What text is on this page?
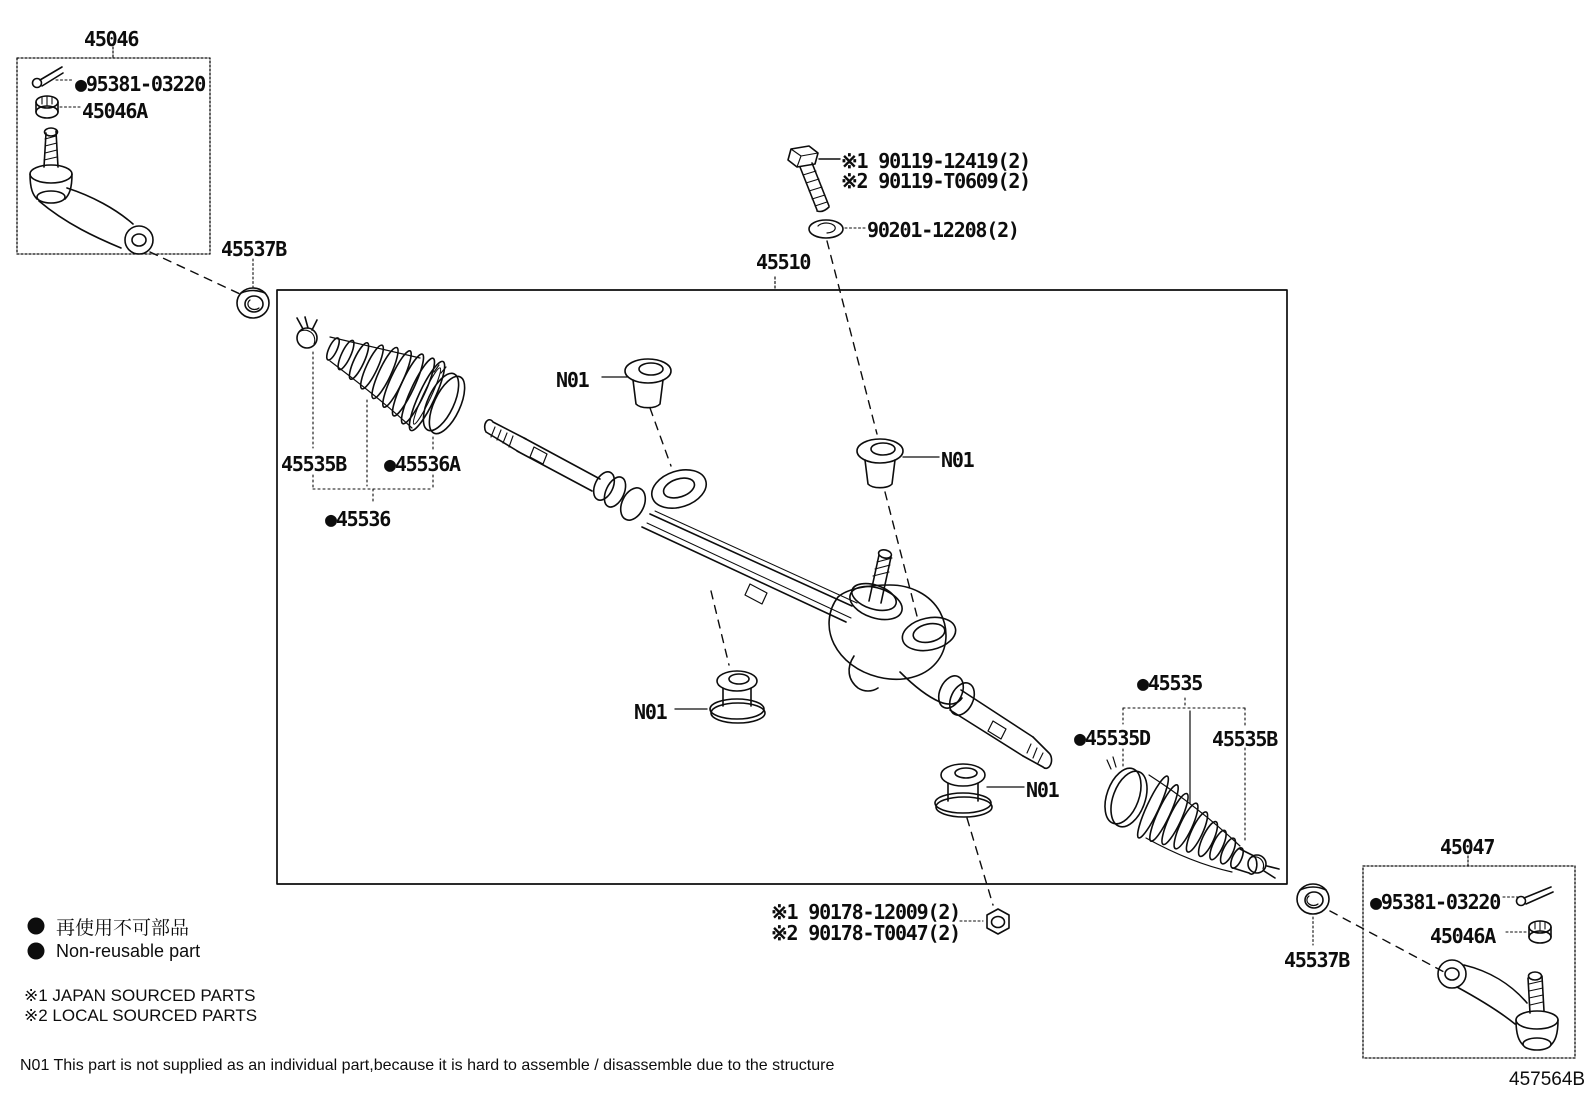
45046
●95381-03220
45046A
45537B
※1 90119-12419(2)
※2 90119-T0609(2)
90201-12208(2)
45510
N01
N01
N01
N01
45535B ●45536A
●45536
●45535
●45535D	45535B
※1 90178-12009(2)
※2 90178-T0047(2)
45047
●95381-03220
45046A
45537B
再使用不可部品
Non-reusable part
※1 JAPAN SOURCED PARTS
※2 LOCAL SOURCED PARTS
N01 This part is not supplied as an individual part,because it is hard to assemble / disassemble due to the structure
457564B
